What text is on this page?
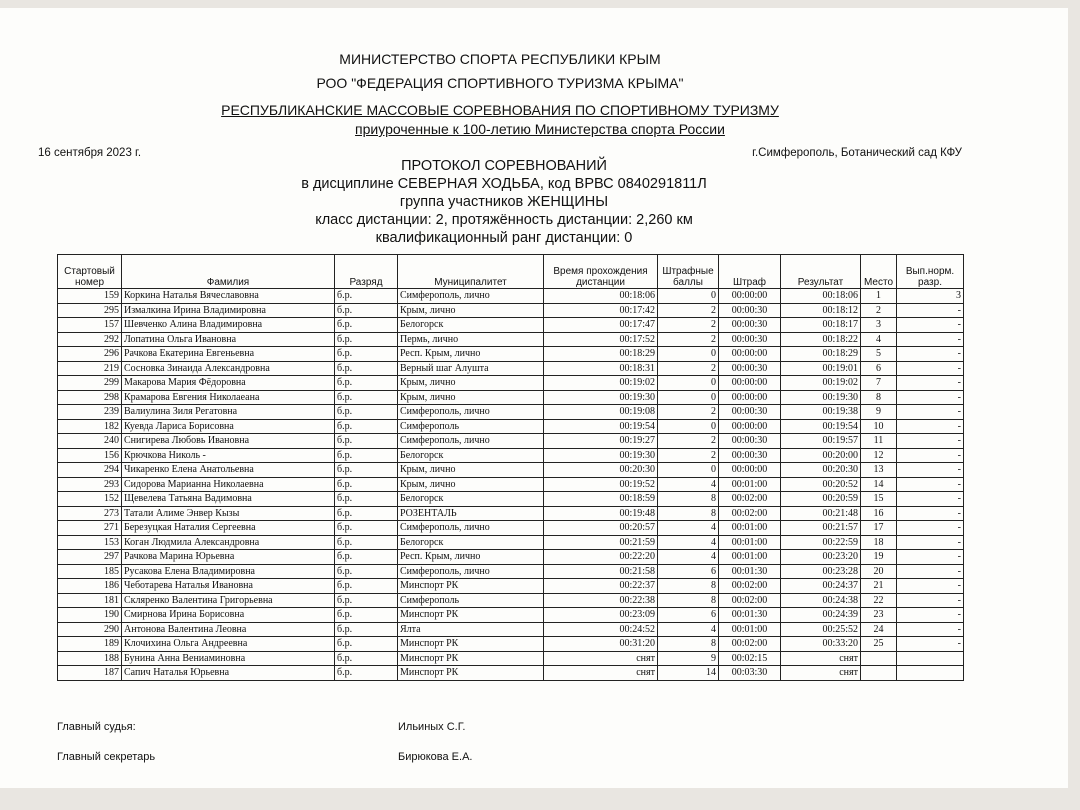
МИНИСТЕРСТВО СПОРТА РЕСПУБЛИКИ КРЫМ
РОО "ФЕДЕРАЦИЯ СПОРТИВНОГО ТУРИЗМА КРЫМА"
РЕСПУБЛИКАНСКИЕ МАССОВЫЕ СОРЕВНОВАНИЯ ПО СПОРТИВНОМУ ТУРИЗМУ
приуроченные к 100-летию Министерства спорта России
16 сентября 2023 г.	г.Симферополь, Ботанический сад КФУ
ПРОТОКОЛ СОРЕВНОВАНИЙ
в дисциплине СЕВЕРНАЯ ХОДЬБА, код ВРВС 0840291811Л
группа участников ЖЕНЩИНЫ
класс дистанции: 2, протяжённость дистанции: 2,260 км
квалификационный ранг дистанции: 0
Стартовый номер	Фамилия	Разряд	Муниципалитет	Время прохождения дистанции	Штрафные баллы	Штраф	Результат	Место	Вып.норм. разр.
159	Коркина Наталья Вячеславовна	б.р.	Симферополь, лично	00:18:06	0	00:00:00	00:18:06	1	3
295	Измалкина Ирина Владимировна	б.р.	Крым, лично	00:17:42	2	00:00:30	00:18:12	2	-
157	Шевченко Алина Владимировна	б.р.	Белогорск	00:17:47	2	00:00:30	00:18:17	3	-
292	Лопатина Ольга Ивановна	б.р.	Пермь, лично	00:17:52	2	00:00:30	00:18:22	4	-
296	Рачкова Екатерина Евгеньевна	б.р.	Респ. Крым, лично	00:18:29	0	00:00:00	00:18:29	5	-
219	Сосновка Зинаида Александровна	б.р.	Верный шаг Алушта	00:18:31	2	00:00:30	00:19:01	6	-
299	Макарова Мария Фёдоровна	б.р.	Крым, лично	00:19:02	0	00:00:00	00:19:02	7	-
298	Крамарова Евгения Николаеана	б.р.	Крым, лично	00:19:30	0	00:00:00	00:19:30	8	-
239	Валиулина Зиля Регатовна	б.р.	Симферополь, лично	00:19:08	2	00:00:30	00:19:38	9	-
182	Куевда Лариса Борисовна	б.р.	Симферополь	00:19:54	0	00:00:00	00:19:54	10	-
240	Снигирева Любовь Ивановна	б.р.	Симферополь, лично	00:19:27	2	00:00:30	00:19:57	11	-
156	Крючкова Николь -	б.р.	Белогорск	00:19:30	2	00:00:30	00:20:00	12	-
294	Чикаренко Елена Анатольевна	б.р.	Крым, лично	00:20:30	0	00:00:00	00:20:30	13	-
293	Сидорова Марианна Николаевна	б.р.	Крым, лично	00:19:52	4	00:01:00	00:20:52	14	-
152	Щевелева Татьяна Вадимовна	б.р.	Белогорск	00:18:59	8	00:02:00	00:20:59	15	-
273	Татали Алиме Энвер Кызы	б.р.	РОЗЕНТАЛЬ	00:19:48	8	00:02:00	00:21:48	16	-
271	Березуцкая Наталия Сергеевна	б.р.	Симферополь, лично	00:20:57	4	00:01:00	00:21:57	17	-
153	Коган Людмила Александровна	б.р.	Белогорск	00:21:59	4	00:01:00	00:22:59	18	-
297	Рачкова Марина Юрьевна	б.р.	Респ. Крым, лично	00:22:20	4	00:01:00	00:23:20	19	-
185	Русакова Елена Владимировна	б.р.	Симферополь, лично	00:21:58	6	00:01:30	00:23:28	20	-
186	Чеботарева Наталья Ивановна	б.р.	Минспорт РК	00:22:37	8	00:02:00	00:24:37	21	-
181	Скляренко Валентина Григорьевна	б.р.	Симферополь	00:22:38	8	00:02:00	00:24:38	22	-
190	Смирнова Ирина Борисовна	б.р.	Минспорт РК	00:23:09	6	00:01:30	00:24:39	23	-
290	Антонова Валентина Леовна	б.р.	Ялта	00:24:52	4	00:01:00	00:25:52	24	-
189	Клочихина Ольга Андреевна	б.р.	Минспорт РК	00:31:20	8	00:02:00	00:33:20	25	-
188	Бунина Анна Вениаминовна	б.р.	Минспорт РК	снят	9	00:02:15	снят		
187	Сапич Наталья Юрьевна	б.р.	Минспорт РК	снят	14	00:03:30	снят		
Главный судья:	Ильиных С.Г.
Главный секретарь	Бирюкова Е.А.
